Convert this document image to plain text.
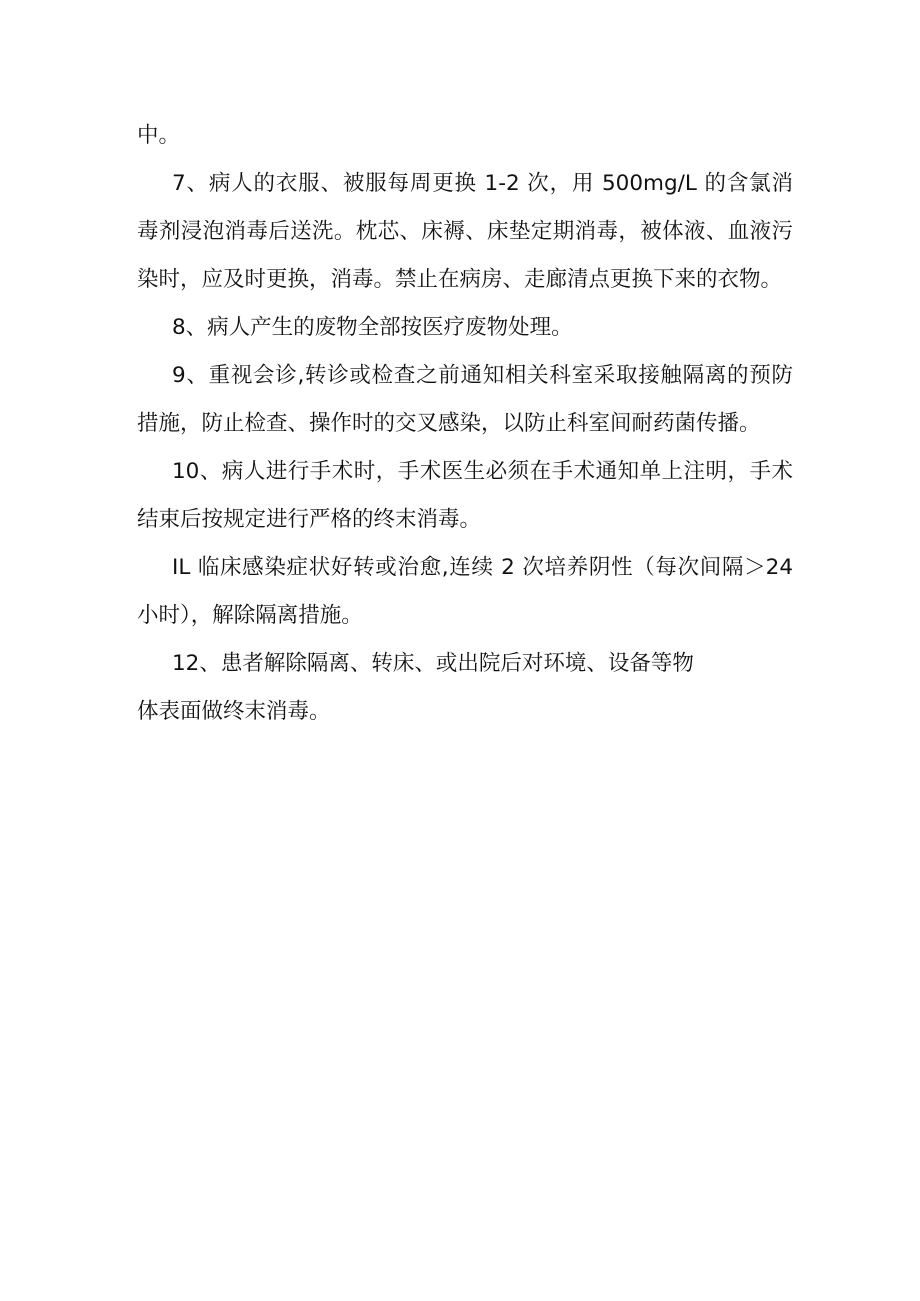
中。

7、病人的衣服、被服每周更换 1-2 次，用 500mg/L 的含氯消毒剂浸泡消毒后送洗。枕芯、床褥、床垫定期消毒，被体液、血液污染时，应及时更换，消毒。禁止在病房、走廊清点更换下来的衣物。

8、病人产生的废物全部按医疗废物处理。

9、重视会诊,转诊或检查之前通知相关科室采取接触隔离的预防措施，防止检查、操作时的交叉感染，以防止科室间耐药菌传播。

10、病人进行手术时，手术医生必须在手术通知单上注明，手术结束后按规定进行严格的终末消毒。

IL 临床感染症状好转或治愈,连续 2 次培养阴性（每次间隔＞24 小时），解除隔离措施。

12、患者解除隔离、转床、或出院后对环境、设备等物

体表面做终末消毒。
